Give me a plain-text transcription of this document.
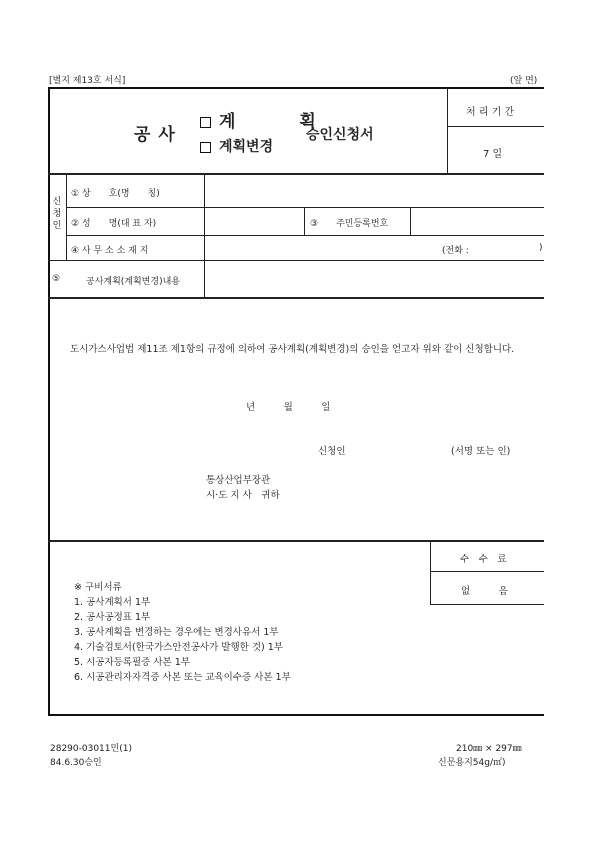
[별지 제13호 서식]	(앞 면)
공 사
계　　획
계획변경
승인신청서
처 리 기 간
7 일
신청인
① 상　　호(명　　칭)
② 성　　명(대 표 자)	③　　주민등록번호
④ 사 무 소 소 재 지	(전화 :	)
⑤	공사계획(계획변경)내용
도시가스사업법 제11조 제1항의 규정에 의하여 공사계획(계획변경)의 승인을 얻고자 위와 같이 신청합니다.
년　　　월　　　일
신청인	(서명 또는 인)
통상산업부장관
시·도 지 사　귀하
수　수　료
없　　　음
※ 구비서류
1. 공사계획서 1부
2. 공사공정표 1부
3. 공사계획을 변경하는 경우에는 변경사유서 1부
4. 기술검토서(한국가스안전공사가 발행한 것) 1부
5. 시공자등록필증 사본 1부
6. 시공관리자자격증 사본 또는 교육이수증 사본 1부
28290-03011민(1)
84.6.30승인
210㎜ × 297㎜
신문용지54g/㎡)
